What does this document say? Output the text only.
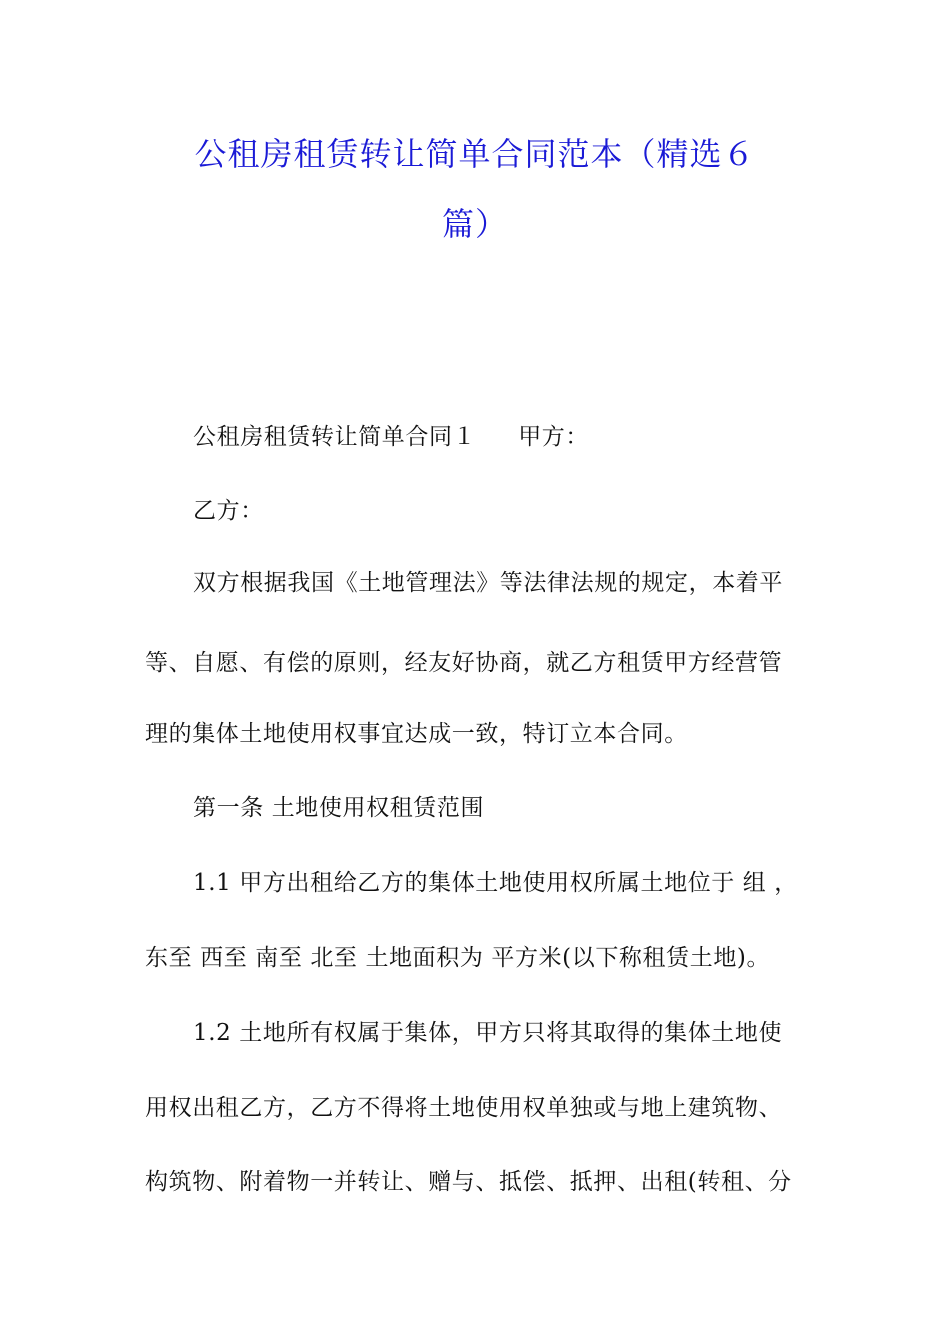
公租房租赁转让简单合同范本（精选６
篇）
公租房租赁转让简单合同１ 甲方：
乙方：
双方根据我国《土地管理法》等法律法规的规定，本着平
等、自愿、有偿的原则，经友好协商，就乙方租赁甲方经营管
理的集体土地使用权事宜达成一致，特订立本合同。
第一条 土地使用权租赁范围
1.1 甲方出租给乙方的集体土地使用权所属土地位于 组 ，
东至 西至 南至 北至 土地面积为 平方米(以下称租赁土地)。
1.2 土地所有权属于集体，甲方只将其取得的集体土地使
用权出租乙方，乙方不得将土地使用权单独或与地上建筑物、
构筑物、附着物一并转让、赠与、抵偿、抵押、出租(转租、分
